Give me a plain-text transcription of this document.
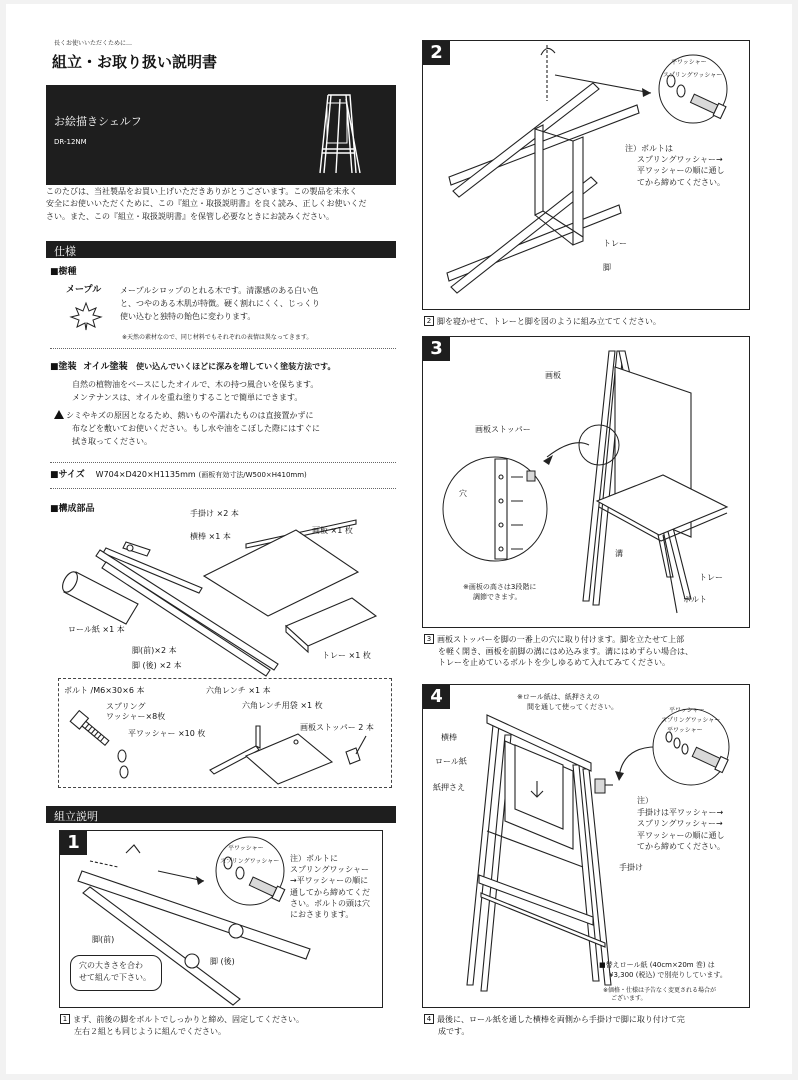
長くお使いいただくために…
組立・お取り扱い説明書
お絵描きシェルフ
DR-12NM
このたびは、当社製品をお買い上げいただきありがとうございます。この製品を末永く
安全にお使いいただくために、この『組立・取扱説明書』を良く読み、正しくお使いくだ
さい。また、この『組立・取扱説明書』を保管し必要なときにお読みください。
仕様
■樹種
メープル メープルシロップのとれる木です。清潔感のある白い色
と、つやのある木肌が特徴。硬く割れにくく、じっくり
使い込むと独特の飴色に変わります。
※天然の素材なので、同じ材料でもそれぞれの表情は異なってきます。
■塗装 オイル塗装 使い込んでいくほどに深みを増していく塗装方法です。
自然の植物油をベースにしたオイルで、木の持つ風合いを保ちます。
メンテナンスは、オイルを重ね塗りすることで簡単にできます。
シミやキズの原因となるため、熱いものや濡れたものは直接置かずに
布などを敷いてお使いください。もし水や油をこぼした際にはすぐに
拭き取ってください。
■サイズ W704×D420×H1135mm (画板有効寸法/W500×H410mm)
■構成部品	手掛け ×2 本
横棒 ×1 本
画板 ×1 枚
ロール紙 ×1 本
脚(前)×2 本
脚 (後) ×2 本
トレー ×1 枚
ボルト /M6×30×6 本
スプリング
ワッシャー×8枚
平ワッシャー ×10 枚
六角レンチ ×1 本
六角レンチ用袋 ×1 枚
画板ストッパー 2 本
組立説明
1	平ワッシャー
スプリングワッシャー 注）ボルトに
スプリングワッシャー
→平ワッシャーの順に
通してから締めてくだ
さい。ボルトの頭は穴
におさまります。
脚(前)
脚 (後)
穴の大きさを合わ
せて組んで下さい。
1 まず、前後の脚をボルトでしっかりと締め、固定してください。
左右２組とも同じように組んでください。
2	平ワッシャー
スプリングワッシャー
注）ボルトは
スプリングワッシャー→
平ワッシャーの順に通し
てから締めてください。
トレー
脚
2 脚を寝かせて、トレーと脚を図のように組み立ててください。
3
画板
画板ストッパー
穴
溝
トレー
ボルト
※画板の高さは3段階に
調節できます。
3 画板ストッパーを脚の一番上の穴に取り付けます。脚を立たせて上部
を軽く開き、画板を前脚の溝にはめ込みます。溝にはめずらい場合は、
トレーを止めているボルトを少しゆるめて入れてみてください。
4	※ロール紙は、紙押さえの
間を通して使ってください。
横棒
ロール紙
紙押さえ
手掛け
平ワッシャー
スプリングワッシャー
平ワッシャー
注）
手掛けは平ワッシャー→
スプリングワッシャー→
平ワッシャーの順に通し
てから締めてください。
■替えロール紙 (40cm×20m 巻) は
¥3,300 (税込) で別売りしています。
※価格・仕様は予告なく変更される場合が
ございます。
4 最後に、ロール紙を通した横棒を両側から手掛けで脚に取り付けて完
成です。
